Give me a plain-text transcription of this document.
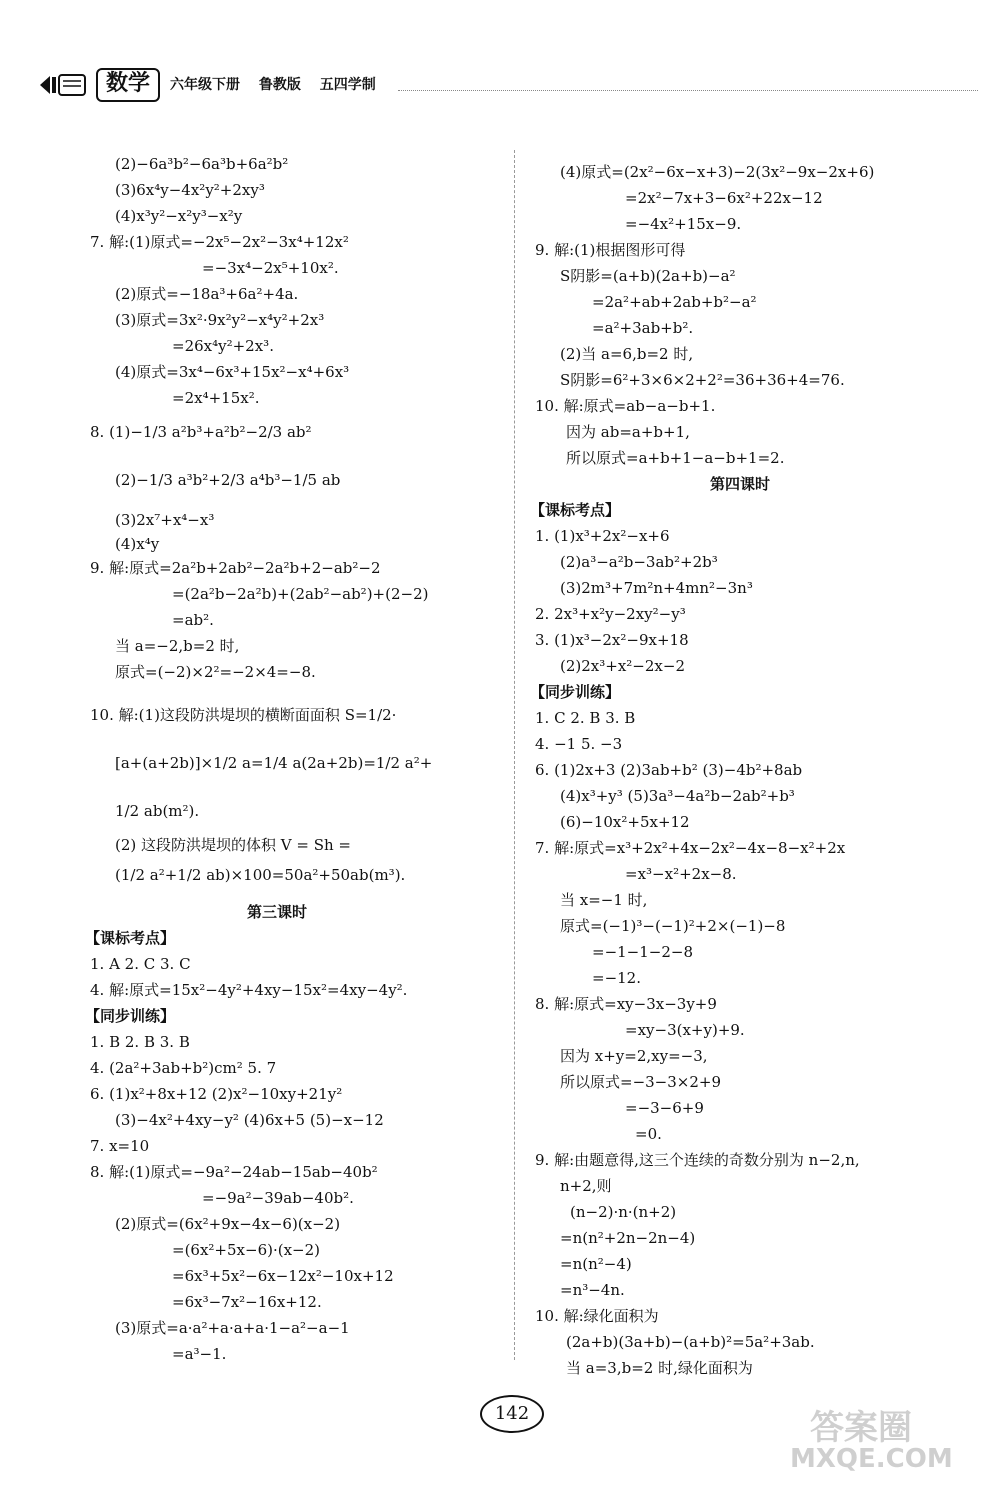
数学	六年级下册 鲁教版 五四学制
(2)−6a³b²−6a³b+6a²b²
(3)6x⁴y−4x²y²+2xy³
(4)x³y²−x²y³−x²y
7. 解:(1)原式=−2x⁵−2x²−3x⁴+12x²
=−3x⁴−2x⁵+10x².
(2)原式=−18a³+6a²+4a.
(3)原式=3x²·9x²y²−x⁴y²+2x³
=26x⁴y²+2x³.
(4)原式=3x⁴−6x³+15x²−x⁴+6x³
=2x⁴+15x².
8. (1)−1/3 a²b³+a²b²−2/3 ab²
(2)−1/3 a³b²+2/3 a⁴b³−1/5 ab
(3)2x⁷+x⁴−x³
(4)x⁴y
9. 解:原式=2a²b+2ab²−2a²b+2−ab²−2
=(2a²b−2a²b)+(2ab²−ab²)+(2−2)
=ab².
当 a=−2,b=2 时,
原式=(−2)×2²=−2×4=−8.
10. 解:(1)这段防洪堤坝的横断面面积 S=1/2·
[a+(a+2b)]×1/2 a=1/4 a(2a+2b)=1/2 a²+
1/2 ab(m²).
(2) 这段防洪堤坝的体积 V = Sh =
(1/2 a²+1/2 ab)×100=50a²+50ab(m³).
第三课时
【课标考点】
1. A 2. C 3. C
4. 解:原式=15x²−4y²+4xy−15x²=4xy−4y².
【同步训练】
1. B 2. B 3. B
4. (2a²+3ab+b²)cm² 5. 7
6. (1)x²+8x+12 (2)x²−10xy+21y²
(3)−4x²+4xy−y² (4)6x+5 (5)−x−12
7. x=10
8. 解:(1)原式=−9a²−24ab−15ab−40b²
=−9a²−39ab−40b².
(2)原式=(6x²+9x−4x−6)(x−2)
=(6x²+5x−6)·(x−2)
=6x³+5x²−6x−12x²−10x+12
=6x³−7x²−16x+12.
(3)原式=a·a²+a·a+a·1−a²−a−1
=a³−1.
(4)原式=(2x²−6x−x+3)−2(3x²−9x−2x+6)
=2x²−7x+3−6x²+22x−12
=−4x²+15x−9.
9. 解:(1)根据图形可得
S阴影=(a+b)(2a+b)−a²
=2a²+ab+2ab+b²−a²
=a²+3ab+b².
(2)当 a=6,b=2 时,
S阴影=6²+3×6×2+2²=36+36+4=76.
10. 解:原式=ab−a−b+1.
因为 ab=a+b+1,
所以原式=a+b+1−a−b+1=2.
第四课时
【课标考点】
1. (1)x³+2x²−x+6
(2)a³−a²b−3ab²+2b³
(3)2m³+7m²n+4mn²−3n³
2. 2x³+x²y−2xy²−y³
3. (1)x³−2x²−9x+18
(2)2x³+x²−2x−2
【同步训练】
1. C 2. B 3. B
4. −1 5. −3
6. (1)2x+3 (2)3ab+b² (3)−4b²+8ab
(4)x³+y³ (5)3a³−4a²b−2ab²+b³
(6)−10x²+5x+12
7. 解:原式=x³+2x²+4x−2x²−4x−8−x²+2x
=x³−x²+2x−8.
当 x=−1 时,
原式=(−1)³−(−1)²+2×(−1)−8
=−1−1−2−8
=−12.
8. 解:原式=xy−3x−3y+9
=xy−3(x+y)+9.
因为 x+y=2,xy=−3,
所以原式=−3−3×2+9
=−3−6+9
=0.
9. 解:由题意得,这三个连续的奇数分别为 n−2,n,
n+2,则
(n−2)·n·(n+2)
=n(n²+2n−2n−4)
=n(n²−4)
=n³−4n.
10. 解:绿化面积为
(2a+b)(3a+b)−(a+b)²=5a²+3ab.
当 a=3,b=2 时,绿化面积为
142	答案圈
MXQE.COM
